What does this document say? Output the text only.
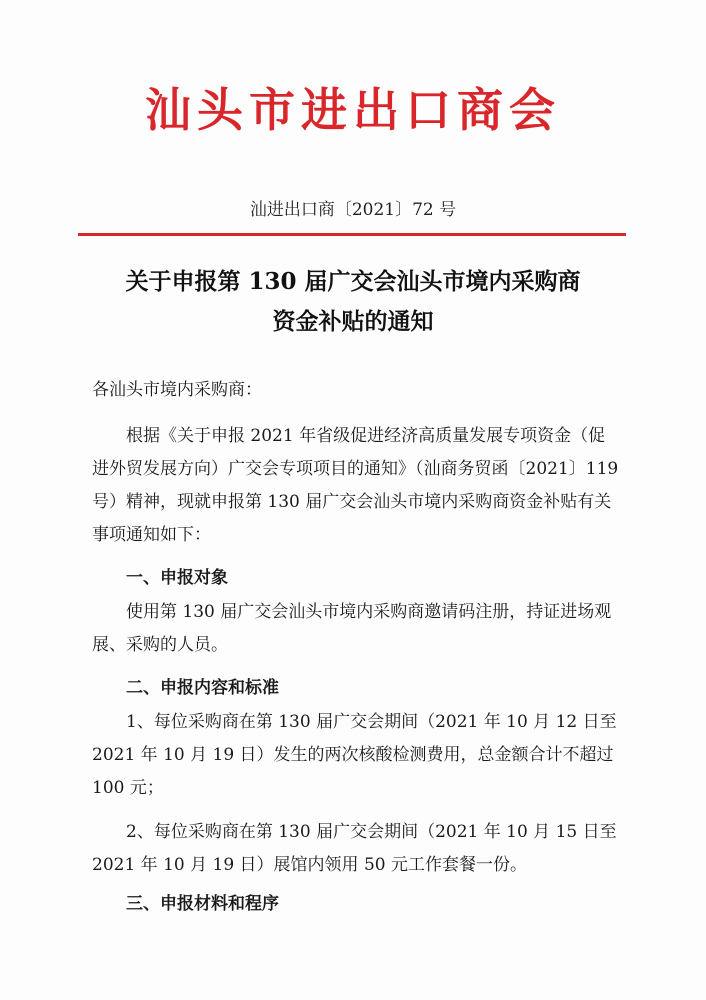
汕头市进出口商会
汕进出口商〔2021〕72 号
关于申报第 130 届广交会汕头市境内采购商
资金补贴的通知
各汕头市境内采购商：

根据《关于申报 2021 年省级促进经济高质量发展专项资金（促进外贸发展方向）广交会专项项目的通知》（汕商务贸函〔2021〕119 号）精神，现就申报第 130 届广交会汕头市境内采购商资金补贴有关事项通知如下：

一、申报对象

使用第 130 届广交会汕头市境内采购商邀请码注册，持证进场观展、采购的人员。

二、申报内容和标准

1、每位采购商在第 130 届广交会期间（2021 年 10 月 12 日至 2021 年 10 月 19 日）发生的两次核酸检测费用，总金额合计不超过 100 元；

2、每位采购商在第 130 届广交会期间（2021 年 10 月 15 日至 2021 年 10 月 19 日）展馆内领用 50 元工作套餐一份。

三、申报材料和程序
